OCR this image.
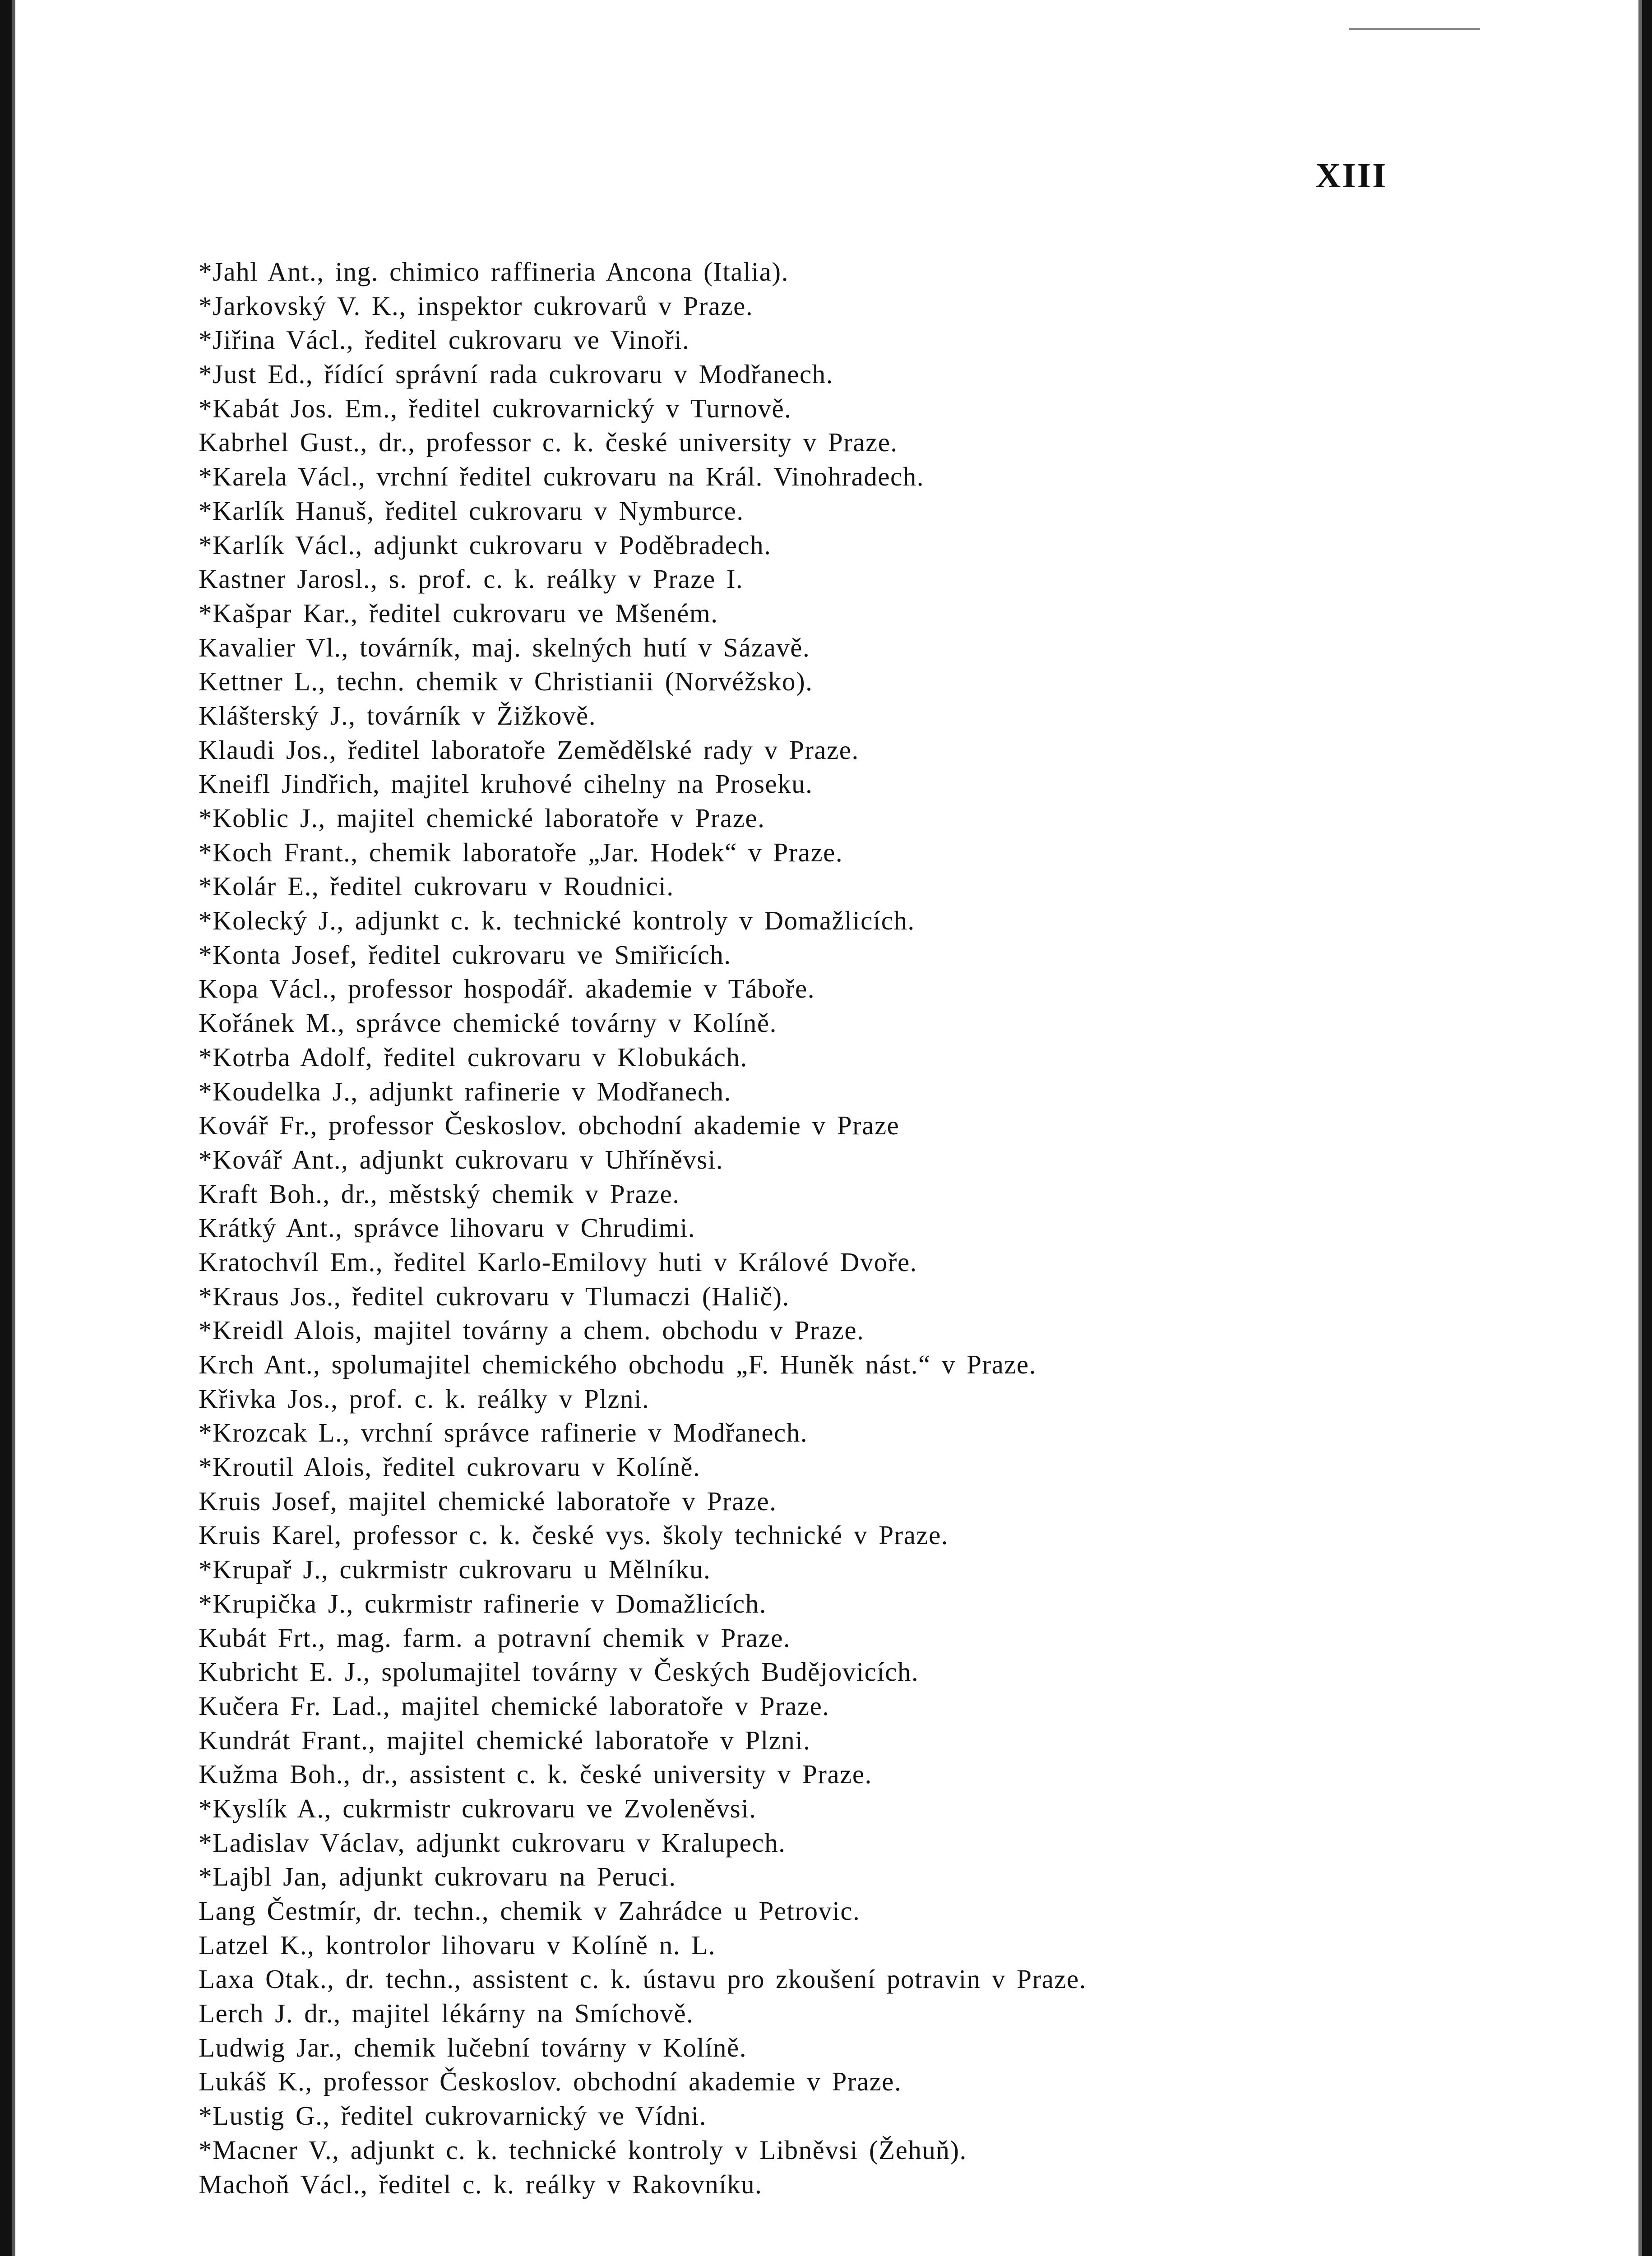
XIII
*Jahl Ant., ing. chimico raffineria Ancona (Italia).
*Jarkovský V. K., inspektor cukrovarů v Praze.
*Jiřina Václ., ředitel cukrovaru ve Vinoři.
*Just Ed., řídící správní rada cukrovaru v Modřanech.
*Kabát Jos. Em., ředitel cukrovarnický v Turnově.
Kabrhel Gust., dr., professor c. k. české university v Praze.
*Karela Václ., vrchní ředitel cukrovaru na Král. Vinohradech.
*Karlík Hanuš, ředitel cukrovaru v Nymburce.
*Karlík Václ., adjunkt cukrovaru v Poděbradech.
Kastner Jarosl., s. prof. c. k. reálky v Praze I.
*Kašpar Kar., ředitel cukrovaru ve Mšeném.
Kavalier Vl., továrník, maj. skelných hutí v Sázavě.
Kettner L., techn. chemik v Christianii (Norvéžsko).
Klášterský J., továrník v Žižkově.
Klaudi Jos., ředitel laboratoře Zemědělské rady v Praze.
Kneifl Jindřich, majitel kruhové cihelny na Proseku.
*Koblic J., majitel chemické laboratoře v Praze.
*Koch Frant., chemik laboratoře „Jar. Hodek“ v Praze.
*Kolár E., ředitel cukrovaru v Roudnici.
*Kolecký J., adjunkt c. k. technické kontroly v Domažlicích.
*Konta Josef, ředitel cukrovaru ve Smiřicích.
Kopa Václ., professor hospodář. akademie v Táboře.
Kořánek M., správce chemické továrny v Kolíně.
*Kotrba Adolf, ředitel cukrovaru v Klobukách.
*Koudelka J., adjunkt rafinerie v Modřanech.
Kovář Fr., professor Českoslov. obchodní akademie v Praze
*Kovář Ant., adjunkt cukrovaru v Uhříněvsi.
Kraft Boh., dr., městský chemik v Praze.
Krátký Ant., správce lihovaru v Chrudimi.
Kratochvíl Em., ředitel Karlo-Emilovy huti v Králové Dvoře.
*Kraus Jos., ředitel cukrovaru v Tlumaczi (Halič).
*Kreidl Alois, majitel továrny a chem. obchodu v Praze.
Krch Ant., spolumajitel chemického obchodu „F. Huněk nást.“ v Praze.
Křivka Jos., prof. c. k. reálky v Plzni.
*Krozcak L., vrchní správce rafinerie v Modřanech.
*Kroutil Alois, ředitel cukrovaru v Kolíně.
Kruis Josef, majitel chemické laboratoře v Praze.
Kruis Karel, professor c. k. české vys. školy technické v Praze.
*Krupař J., cukrmistr cukrovaru u Mělníku.
*Krupička J., cukrmistr rafinerie v Domažlicích.
Kubát Frt., mag. farm. a potravní chemik v Praze.
Kubricht E. J., spolumajitel továrny v Českých Budějovicích.
Kučera Fr. Lad., majitel chemické laboratoře v Praze.
Kundrát Frant., majitel chemické laboratoře v Plzni.
Kužma Boh., dr., assistent c. k. české university v Praze.
*Kyslík A., cukrmistr cukrovaru ve Zvoleněvsi.
*Ladislav Václav, adjunkt cukrovaru v Kralupech.
*Lajbl Jan, adjunkt cukrovaru na Peruci.
Lang Čestmír, dr. techn., chemik v Zahrádce u Petrovic.
Latzel K., kontrolor lihovaru v Kolíně n. L.
Laxa Otak., dr. techn., assistent c. k. ústavu pro zkoušení potravin v Praze.
Lerch J. dr., majitel lékárny na Smíchově.
Ludwig Jar., chemik lučební továrny v Kolíně.
Lukáš K., professor Českoslov. obchodní akademie v Praze.
*Lustig G., ředitel cukrovarnický ve Vídni.
*Macner V., adjunkt c. k. technické kontroly v Libněvsi (Žehuň).
Machoň Václ., ředitel c. k. reálky v Rakovníku.
